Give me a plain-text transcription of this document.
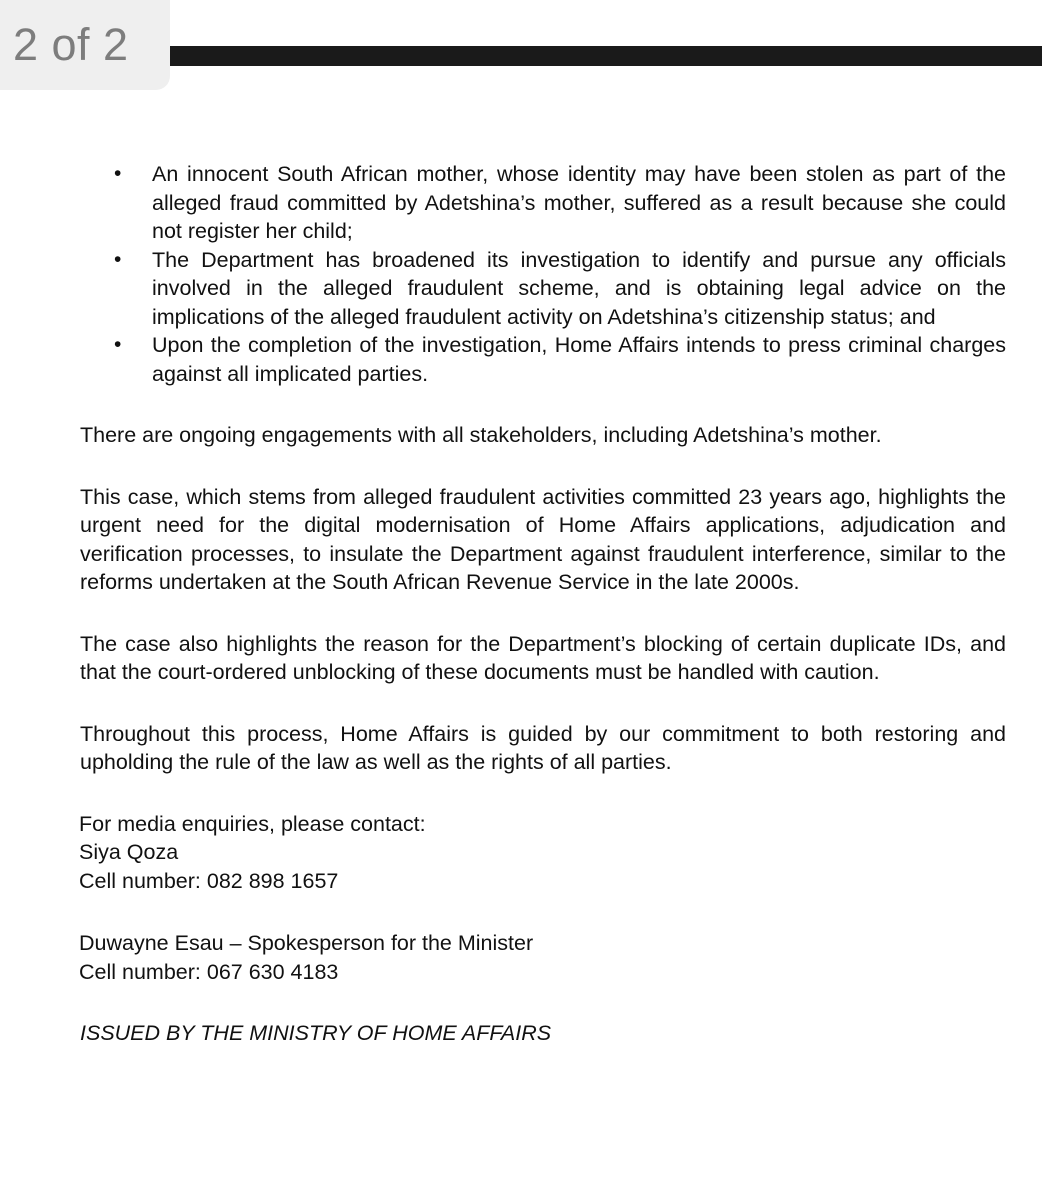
2 of 2
• An innocent South African mother, whose identity may have been stolen as part of the alleged fraud committed by Adetshina’s mother, suffered as a result because she could not register her child;
• The Department has broadened its investigation to identify and pursue any officials involved in the alleged fraudulent scheme, and is obtaining legal advice on the implications of the alleged fraudulent activity on Adetshina’s citizenship status; and
• Upon the completion of the investigation, Home Affairs intends to press criminal charges against all implicated parties.

There are ongoing engagements with all stakeholders, including Adetshina’s mother.

This case, which stems from alleged fraudulent activities committed 23 years ago, highlights the urgent need for the digital modernisation of Home Affairs applications, adjudication and verification processes, to insulate the Department against fraudulent interference, similar to the reforms undertaken at the South African Revenue Service in the late 2000s.

The case also highlights the reason for the Department’s blocking of certain duplicate IDs, and that the court-ordered unblocking of these documents must be handled with caution.

Throughout this process, Home Affairs is guided by our commitment to both restoring and upholding the rule of the law as well as the rights of all parties.

For media enquiries, please contact:
Siya Qoza
Cell number: 082 898 1657
Duwayne Esau – Spokesperson for the Minister
Cell number: 067 630 4183

ISSUED BY THE MINISTRY OF HOME AFFAIRS
